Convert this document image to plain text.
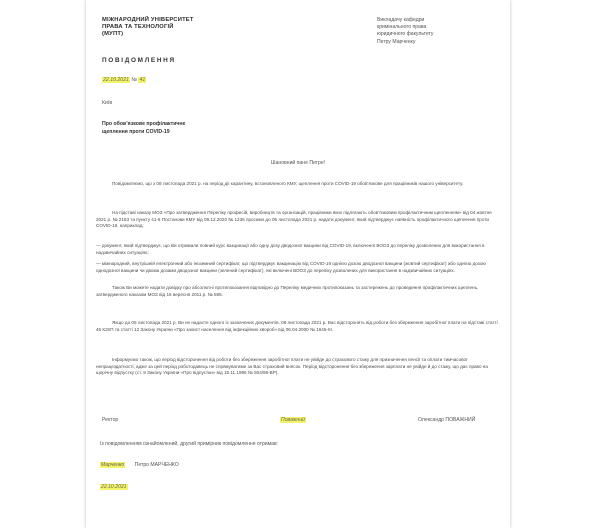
МІЖНАРОДНИЙ УНІВЕРСИТЕТ
ПРАВА ТА ТЕХНОЛОГІЙ
(МУПТ)
Викладачу кафедри
кримінального права
юридичного факультету
Петру Марченку
ПОВІДОМЛЕННЯ
22.10.2021 № 41
Київ
Про обов’язкове профілактичне
щеплення проти COVID-19
Шановний пане Петре!
Повідомляємо, що з 08 листопада 2021 р. на період дії карантину, встановленого КМУ, щеплення проти COVID-19 обов’язкове для працівників нашого університету.
На підставі наказу МОЗ «Про затвердження Переліку професій, виробництв та організацій, працівники яких підлягають обов’язковим профілактичним щепленням» від 04 жовтня 2021 р. № 2153 та пункту 41-6 Постанови КМУ від 09.12.2020 № 1236 просимо до 05 листопада 2021 р. надати документ, який підтверджує наявність профілактичного щеплення проти COVID-19, наприклад:
— документ, який підтверджує, що Ви отримали повний курс вакцинації або одну дозу дводозної вакцини від COVID-19, включеної ВООЗ до переліку дозволених для використання в надзвичайних ситуаціях;
— міжнародний, внутрішній електронний або іноземний сертифікат, що підтверджує вакцинацію від COVID-19 однією дозою дводозної вакцини (жовтий сертифікат) або однією дозою однодозної вакцини чи двома дозами дводозної вакцини (зелений сертифікат), які включені ВООЗ до переліку дозволених для використання в надзвичайних ситуаціях.
Також Ви можете надати довідку про абсолютні протипоказання відповідно до Переліку медичних протипоказань та застережень до проведення профілактичних щеплень, затвердженого наказом МОЗ від 16 вересня 2011 р. № 595.
Якщо до 05 листопада 2021 р. Ви не надасте одного із зазначених документів, 08 листопада 2021 р. Вас відсторонять від роботи без збереження заробітної плати на підставі статті 46 КЗпП та статті 12 Закону України «Про захист населення від інфекційних хвороб» від 06.04.2000 № 1645-III.
Інформуємо також, що період відсторонення від роботи без збереження заробітної плати не увійде до страхового стажу для призначення пенсії та оплати тимчасової непрацездатності, адже за цей період роботодавець не спрямуватиме за Вас страховий внесок. Період відсторонення без збереження зарплати не увійде й до стажу, що дає право на щорічну відпустку (ст. 9 Закону України «Про відпустки» від 15.11.1996 № 504/96-ВР).
Ректор	Поважний	Олександр ПОВАЖНИЙ
Із повідомленням ознайомлений, другий примірник повідомлення отримав:
Марченко Петро МАРЧЕНКО
22.10.2021
